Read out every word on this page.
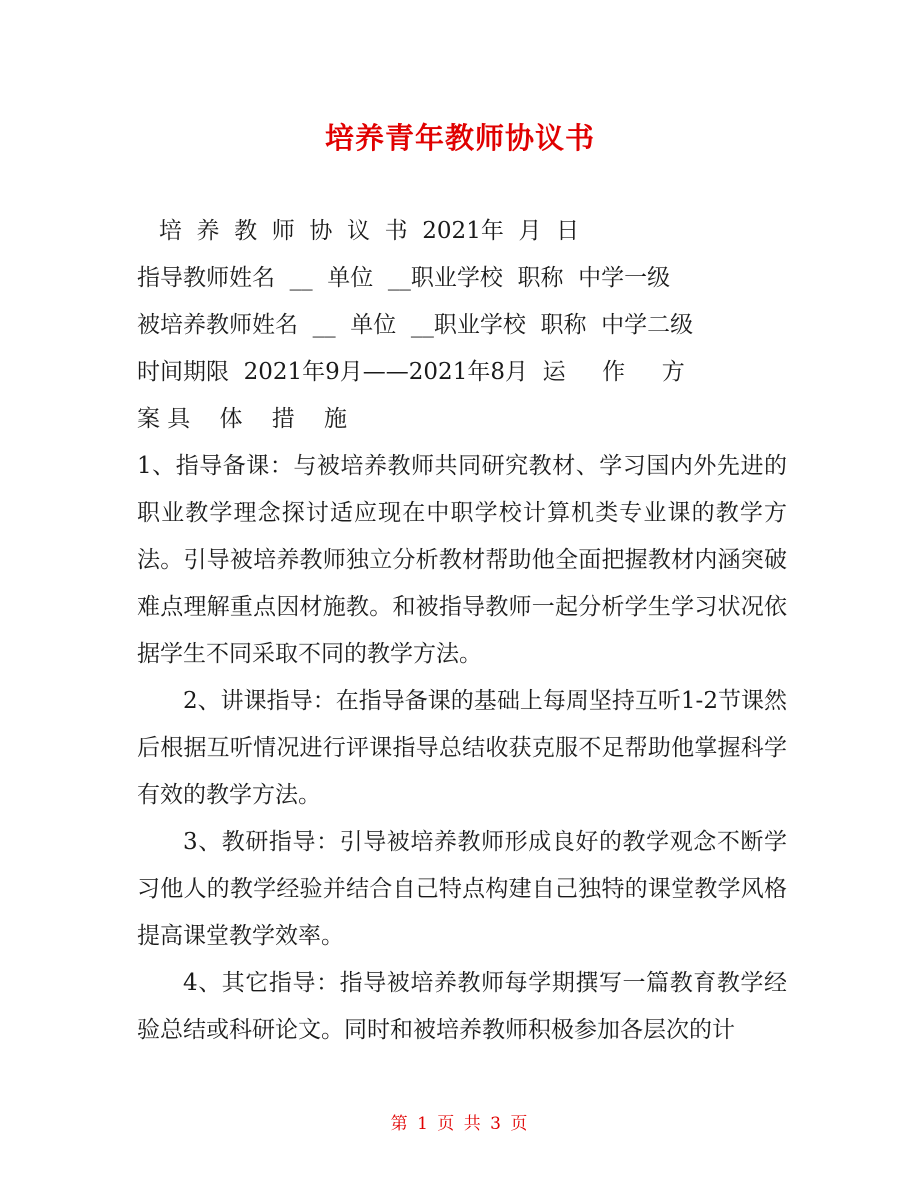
培养青年教师协议书
培  养  教  师  协  议  书  2021年  月  日
指导教师姓名  __  单位  __职业学校  职称  中学一级
被培养教师姓名  __  单位  __职业学校  职称  中学二级
时间期限  2021年9月——2021年8月  运     作     方
案 具    体    措    施
1、指导备课：与被培养教师共同研究教材、学习国内外先进的职业教学理念探讨适应现在中职学校计算机类专业课的教学方法。引导被培养教师独立分析教材帮助他全面把握教材内涵突破难点理解重点因材施教。和被指导教师一起分析学生学习状况依据学生不同采取不同的教学方法。
2、讲课指导：在指导备课的基础上每周坚持互听1-2节课然后根据互听情况进行评课指导总结收获克服不足帮助他掌握科学有效的教学方法。
3、教研指导：引导被培养教师形成良好的教学观念不断学习他人的教学经验并结合自己特点构建自己独特的课堂教学风格提高课堂教学效率。
4、其它指导：指导被培养教师每学期撰写一篇教育教学经验总结或科研论文。同时和被培养教师积极参加各层次的计
第 1 页 共 3 页
